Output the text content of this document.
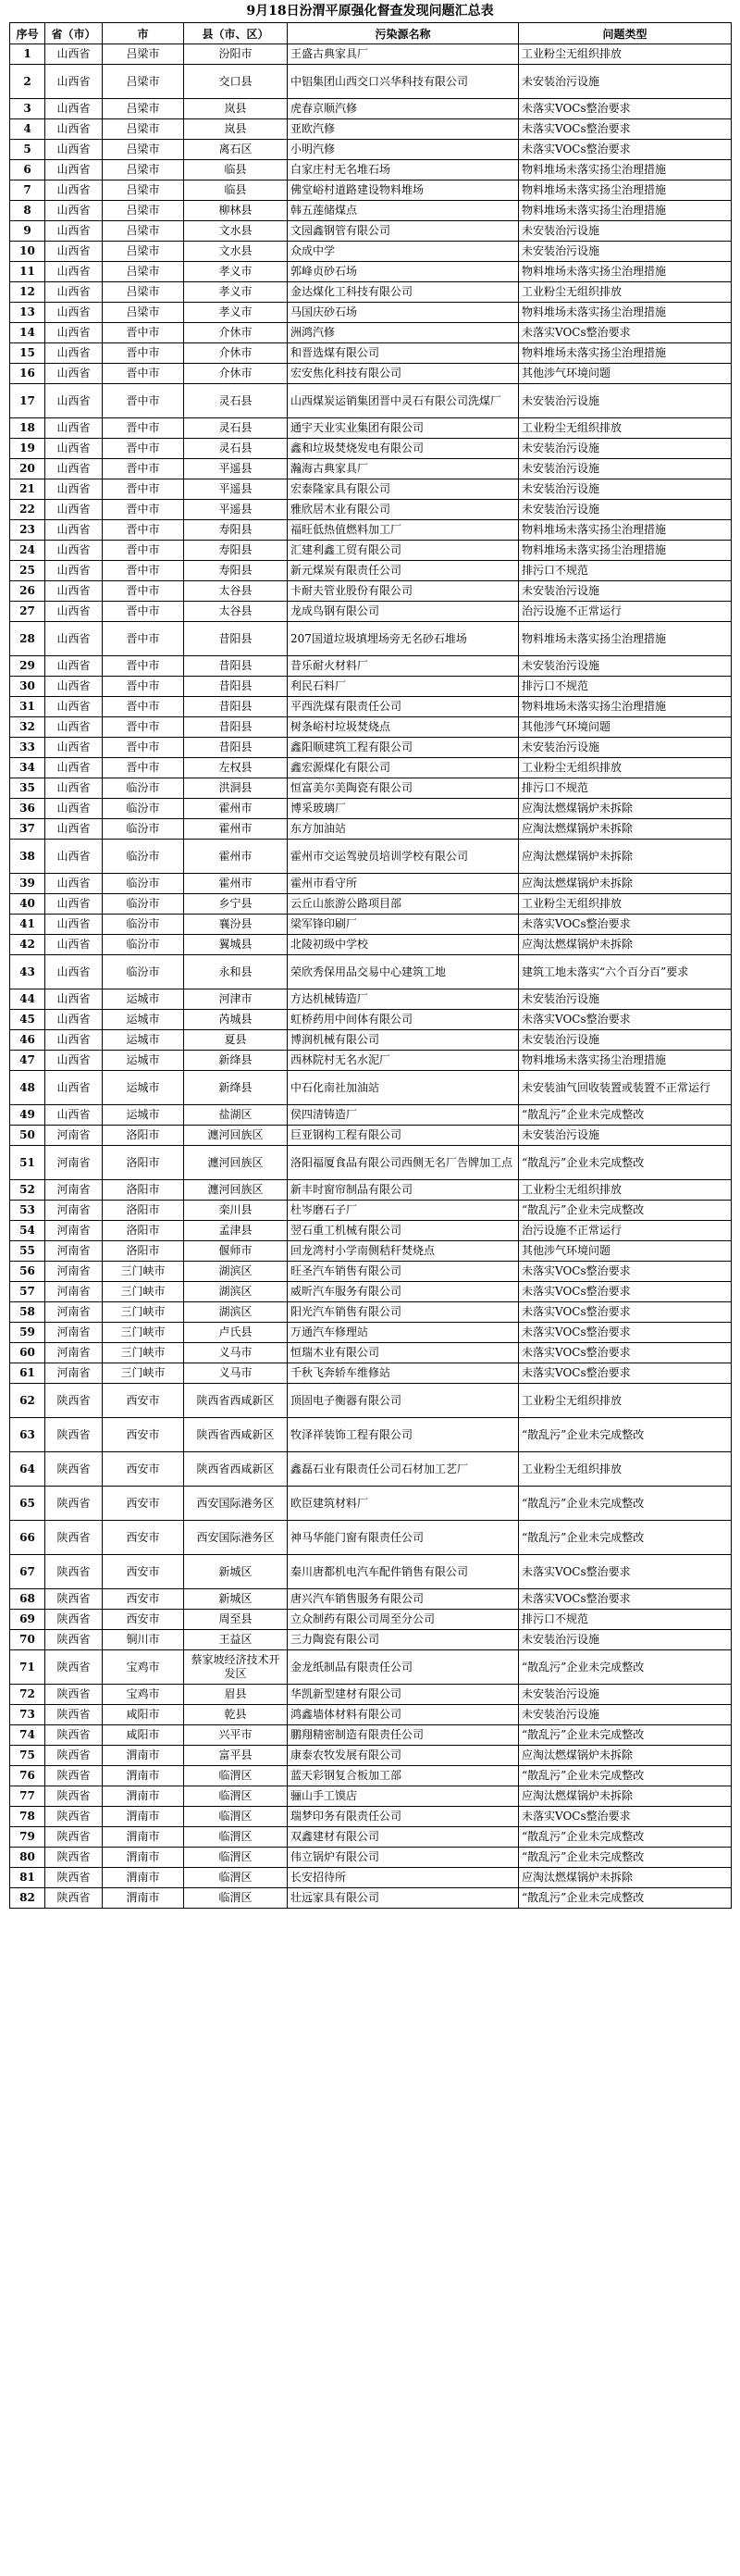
9月18日汾渭平原强化督查发现问题汇总表
序号	省（市）	市	县（市、区）	污染源名称	问题类型

1	山西省	吕梁市	汾阳市	王盛古典家具厂	工业粉尘无组织排放

2	山西省	吕梁市	交口县	中铝集团山西交口兴华科技有限公司	未安装治污设施

3	山西省	吕梁市	岚县	虎春京顺汽修	未落实VOCs整治要求

4	山西省	吕梁市	岚县	亚欧汽修	未落实VOCs整治要求

5	山西省	吕梁市	离石区	小明汽修	未落实VOCs整治要求

6	山西省	吕梁市	临县	白家庄村无名堆石场	物料堆场未落实扬尘治理措施

7	山西省	吕梁市	临县	佛堂峪村道路建设物料堆场	物料堆场未落实扬尘治理措施

8	山西省	吕梁市	柳林县	韩五莲储煤点	物料堆场未落实扬尘治理措施

9	山西省	吕梁市	文水县	文园鑫钢管有限公司	未安装治污设施

10	山西省	吕梁市	文水县	众成中学	未安装治污设施

11	山西省	吕梁市	孝义市	郭峰贞砂石场	物料堆场未落实扬尘治理措施

12	山西省	吕梁市	孝义市	金达煤化工科技有限公司	工业粉尘无组织排放

13	山西省	吕梁市	孝义市	马国庆砂石场	物料堆场未落实扬尘治理措施

14	山西省	晋中市	介休市	洲鸿汽修	未落实VOCs整治要求

15	山西省	晋中市	介休市	和晋选煤有限公司	物料堆场未落实扬尘治理措施

16	山西省	晋中市	介休市	宏安焦化科技有限公司	其他涉气环境问题

17	山西省	晋中市	灵石县	山西煤炭运销集团晋中灵石有限公司洗煤厂	未安装治污设施

18	山西省	晋中市	灵石县	通宇天业实业集团有限公司	工业粉尘无组织排放

19	山西省	晋中市	灵石县	鑫和垃圾焚烧发电有限公司	未安装治污设施

20	山西省	晋中市	平遥县	瀚海古典家具厂	未安装治污设施

21	山西省	晋中市	平遥县	宏泰隆家具有限公司	未安装治污设施

22	山西省	晋中市	平遥县	雅欣居木业有限公司	未安装治污设施

23	山西省	晋中市	寿阳县	福旺低热值燃料加工厂	物料堆场未落实扬尘治理措施

24	山西省	晋中市	寿阳县	汇建利鑫工贸有限公司	物料堆场未落实扬尘治理措施

25	山西省	晋中市	寿阳县	新元煤炭有限责任公司	排污口不规范

26	山西省	晋中市	太谷县	卡耐夫管业股份有限公司	未安装治污设施

27	山西省	晋中市	太谷县	龙成鸟钢有限公司	治污设施不正常运行

28	山西省	晋中市	昔阳县	207国道垃圾填埋场旁无名砂石堆场	物料堆场未落实扬尘治理措施

29	山西省	晋中市	昔阳县	昔乐耐火材料厂	未安装治污设施

30	山西省	晋中市	昔阳县	利民石料厂	排污口不规范

31	山西省	晋中市	昔阳县	平西洗煤有限责任公司	物料堆场未落实扬尘治理措施

32	山西省	晋中市	昔阳县	树条峪村垃圾焚烧点	其他涉气环境问题

33	山西省	晋中市	昔阳县	鑫阳顺建筑工程有限公司	未安装治污设施

34	山西省	晋中市	左权县	鑫宏源煤化有限公司	工业粉尘无组织排放

35	山西省	临汾市	洪洞县	恒富美尔美陶瓷有限公司	排污口不规范

36	山西省	临汾市	霍州市	博采玻璃厂	应淘汰燃煤锅炉未拆除

37	山西省	临汾市	霍州市	东方加油站	应淘汰燃煤锅炉未拆除

38	山西省	临汾市	霍州市	霍州市交运驾驶员培训学校有限公司	应淘汰燃煤锅炉未拆除

39	山西省	临汾市	霍州市	霍州市看守所	应淘汰燃煤锅炉未拆除

40	山西省	临汾市	乡宁县	云丘山旅游公路项目部	工业粉尘无组织排放

41	山西省	临汾市	襄汾县	梁军锋印刷厂	未落实VOCs整治要求

42	山西省	临汾市	翼城县	北陵初级中学校	应淘汰燃煤锅炉未拆除

43	山西省	临汾市	永和县	荣欣秀保用品交易中心建筑工地	建筑工地未落实“六个百分百”要求

44	山西省	运城市	河津市	方达机械铸造厂	未安装治污设施

45	山西省	运城市	芮城县	虹桥药用中间体有限公司	未落实VOCs整治要求

46	山西省	运城市	夏县	博润机械有限公司	未安装治污设施

47	山西省	运城市	新绛县	西林院村无名水泥厂	物料堆场未落实扬尘治理措施

48	山西省	运城市	新绛县	中石化南社加油站	未安装油气回收装置或装置不正常运行

49	山西省	运城市	盐湖区	侯四清铸造厂	“散乱污”企业未完成整改

50	河南省	洛阳市	瀍河回族区	巨亚钢构工程有限公司	未安装治污设施

51	河南省	洛阳市	瀍河回族区	洛阳福厦食品有限公司西侧无名厂告牌加工点	“散乱污”企业未完成整改

52	河南省	洛阳市	瀍河回族区	新丰时窗帘制品有限公司	工业粉尘无组织排放

53	河南省	洛阳市	栾川县	杜岑磨石子厂	“散乱污”企业未完成整改

54	河南省	洛阳市	孟津县	翌石重工机械有限公司	治污设施不正常运行

55	河南省	洛阳市	偃师市	回龙湾村小学南侧秸秆焚烧点	其他涉气环境问题

56	河南省	三门峡市	湖滨区	旺圣汽车销售有限公司	未落实VOCs整治要求

57	河南省	三门峡市	湖滨区	威昕汽车服务有限公司	未落实VOCs整治要求

58	河南省	三门峡市	湖滨区	阳光汽车销售有限公司	未落实VOCs整治要求

59	河南省	三门峡市	卢氏县	万通汽车修理站	未落实VOCs整治要求

60	河南省	三门峡市	义马市	恒瑞木业有限公司	未落实VOCs整治要求

61	河南省	三门峡市	义马市	千秋飞奔轿车维修站	未落实VOCs整治要求

62	陕西省	西安市	陕西省西咸新区	顶固电子衡器有限公司	工业粉尘无组织排放

63	陕西省	西安市	陕西省西咸新区	牧泽祥装饰工程有限公司	“散乱污”企业未完成整改

64	陕西省	西安市	陕西省西咸新区	鑫磊石业有限责任公司石材加工艺厂	工业粉尘无组织排放

65	陕西省	西安市	西安国际港务区	欧臣建筑材料厂	“散乱污”企业未完成整改

66	陕西省	西安市	西安国际港务区	神马华能门窗有限责任公司	“散乱污”企业未完成整改

67	陕西省	西安市	新城区	秦川唐都机电汽车配件销售有限公司	未落实VOCs整治要求

68	陕西省	西安市	新城区	唐兴汽车销售服务有限公司	未落实VOCs整治要求

69	陕西省	西安市	周至县	立众制药有限公司周至分公司	排污口不规范

70	陕西省	铜川市	王益区	三力陶瓷有限公司	未安装治污设施

71	陕西省	宝鸡市	蔡家坡经济技术开发区	金龙纸制品有限责任公司	“散乱污”企业未完成整改

72	陕西省	宝鸡市	眉县	华凯新型建材有限公司	未安装治污设施

73	陕西省	咸阳市	乾县	鸿鑫墙体材料有限公司	未安装治污设施

74	陕西省	咸阳市	兴平市	鹏翔精密制造有限责任公司	“散乱污”企业未完成整改

75	陕西省	渭南市	富平县	康泰农牧发展有限公司	应淘汰燃煤锅炉未拆除

76	陕西省	渭南市	临渭区	蓝天彩钢复合板加工部	“散乱污”企业未完成整改

77	陕西省	渭南市	临渭区	骊山手工馍店	应淘汰燃煤锅炉未拆除

78	陕西省	渭南市	临渭区	瑞梦印务有限责任公司	未落实VOCs整治要求

79	陕西省	渭南市	临渭区	双鑫建材有限公司	“散乱污”企业未完成整改

80	陕西省	渭南市	临渭区	伟立锅炉有限公司	“散乱污”企业未完成整改

81	陕西省	渭南市	临渭区	长安招待所	应淘汰燃煤锅炉未拆除

82	陕西省	渭南市	临渭区	壮远家具有限公司	“散乱污”企业未完成整改
